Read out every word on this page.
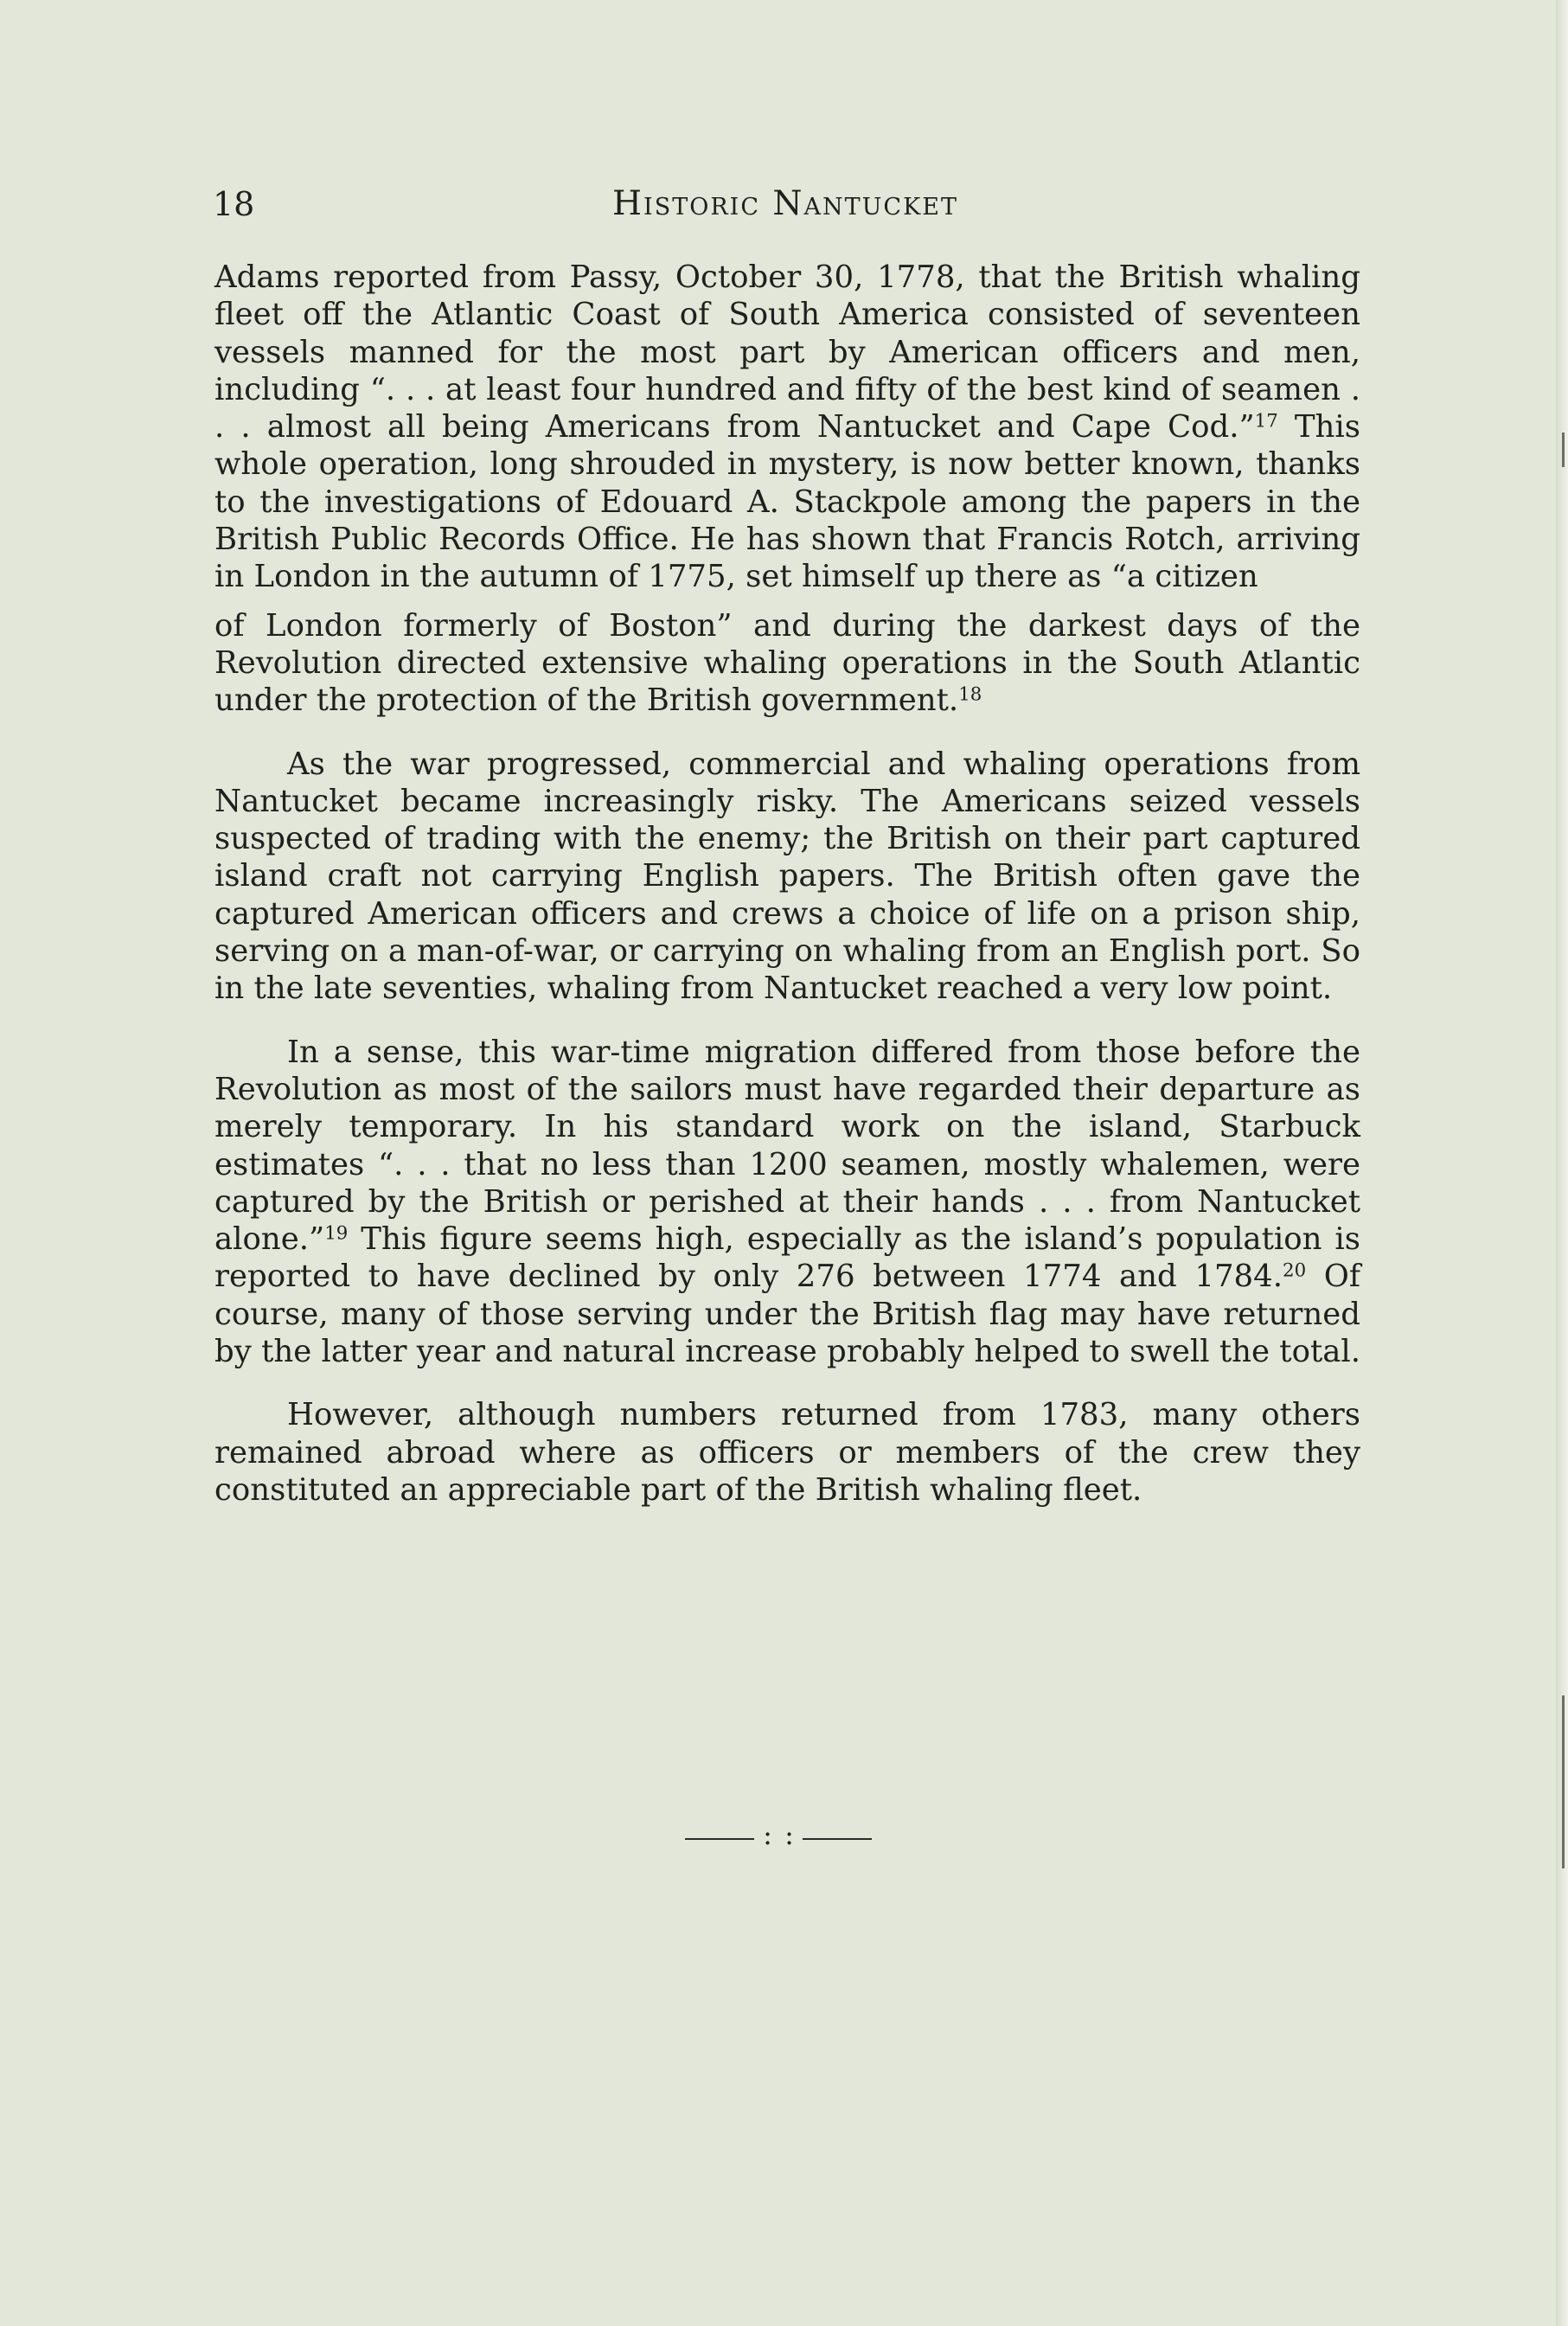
18	Historic Nantucket

Adams reported from Passy, October 30, 1778, that the British whaling fleet off the Atlantic Coast of South America consisted of seventeen vessels manned for the most part by American officers and men, including “. . . at least four hundred and fifty of the best kind of seamen . . . almost all being Americans from Nantucket and Cape Cod.”$^{17}$ This whole operation, long shrouded in mystery, is now better known, thanks to the investigations of Edouard A. Stackpole among the papers in the British Public Records Office. He has shown that Francis Rotch, arriving in London in the autumn of 1775, set himself up there as “a citizen

of London formerly of Boston” and during the darkest days of the Revolution directed extensive whaling operations in the South Atlantic under the protection of the British government.$^{18}$

As the war progressed, commercial and whaling operations from Nantucket became increasingly risky. The Americans seized vessels suspected of trading with the enemy; the British on their part captured island craft not carrying English papers. The British often gave the captured American officers and crews a choice of life on a prison ship, serving on a man-of-war, or carrying on whaling from an English port. So in the late seventies, whaling from Nantucket reached a very low point.

In a sense, this war-time migration differed from those before the Revolution as most of the sailors must have regarded their departure as merely temporary. In his standard work on the island, Starbuck estimates “. . . that no less than 1200 seamen, mostly whalemen, were captured by the British or perished at their hands . . . from Nantucket alone.”$^{19}$ This figure seems high, especially as the island’s population is reported to have declined by only 276 between 1774 and 1784.20 Of course, many of those serving under the British flag may have returned by the latter year and natural increase probably helped to swell the total.

However, although numbers returned from 1783, many others remained abroad where as officers or members of the crew they constituted an appreciable part of the British whaling fleet.

: :
